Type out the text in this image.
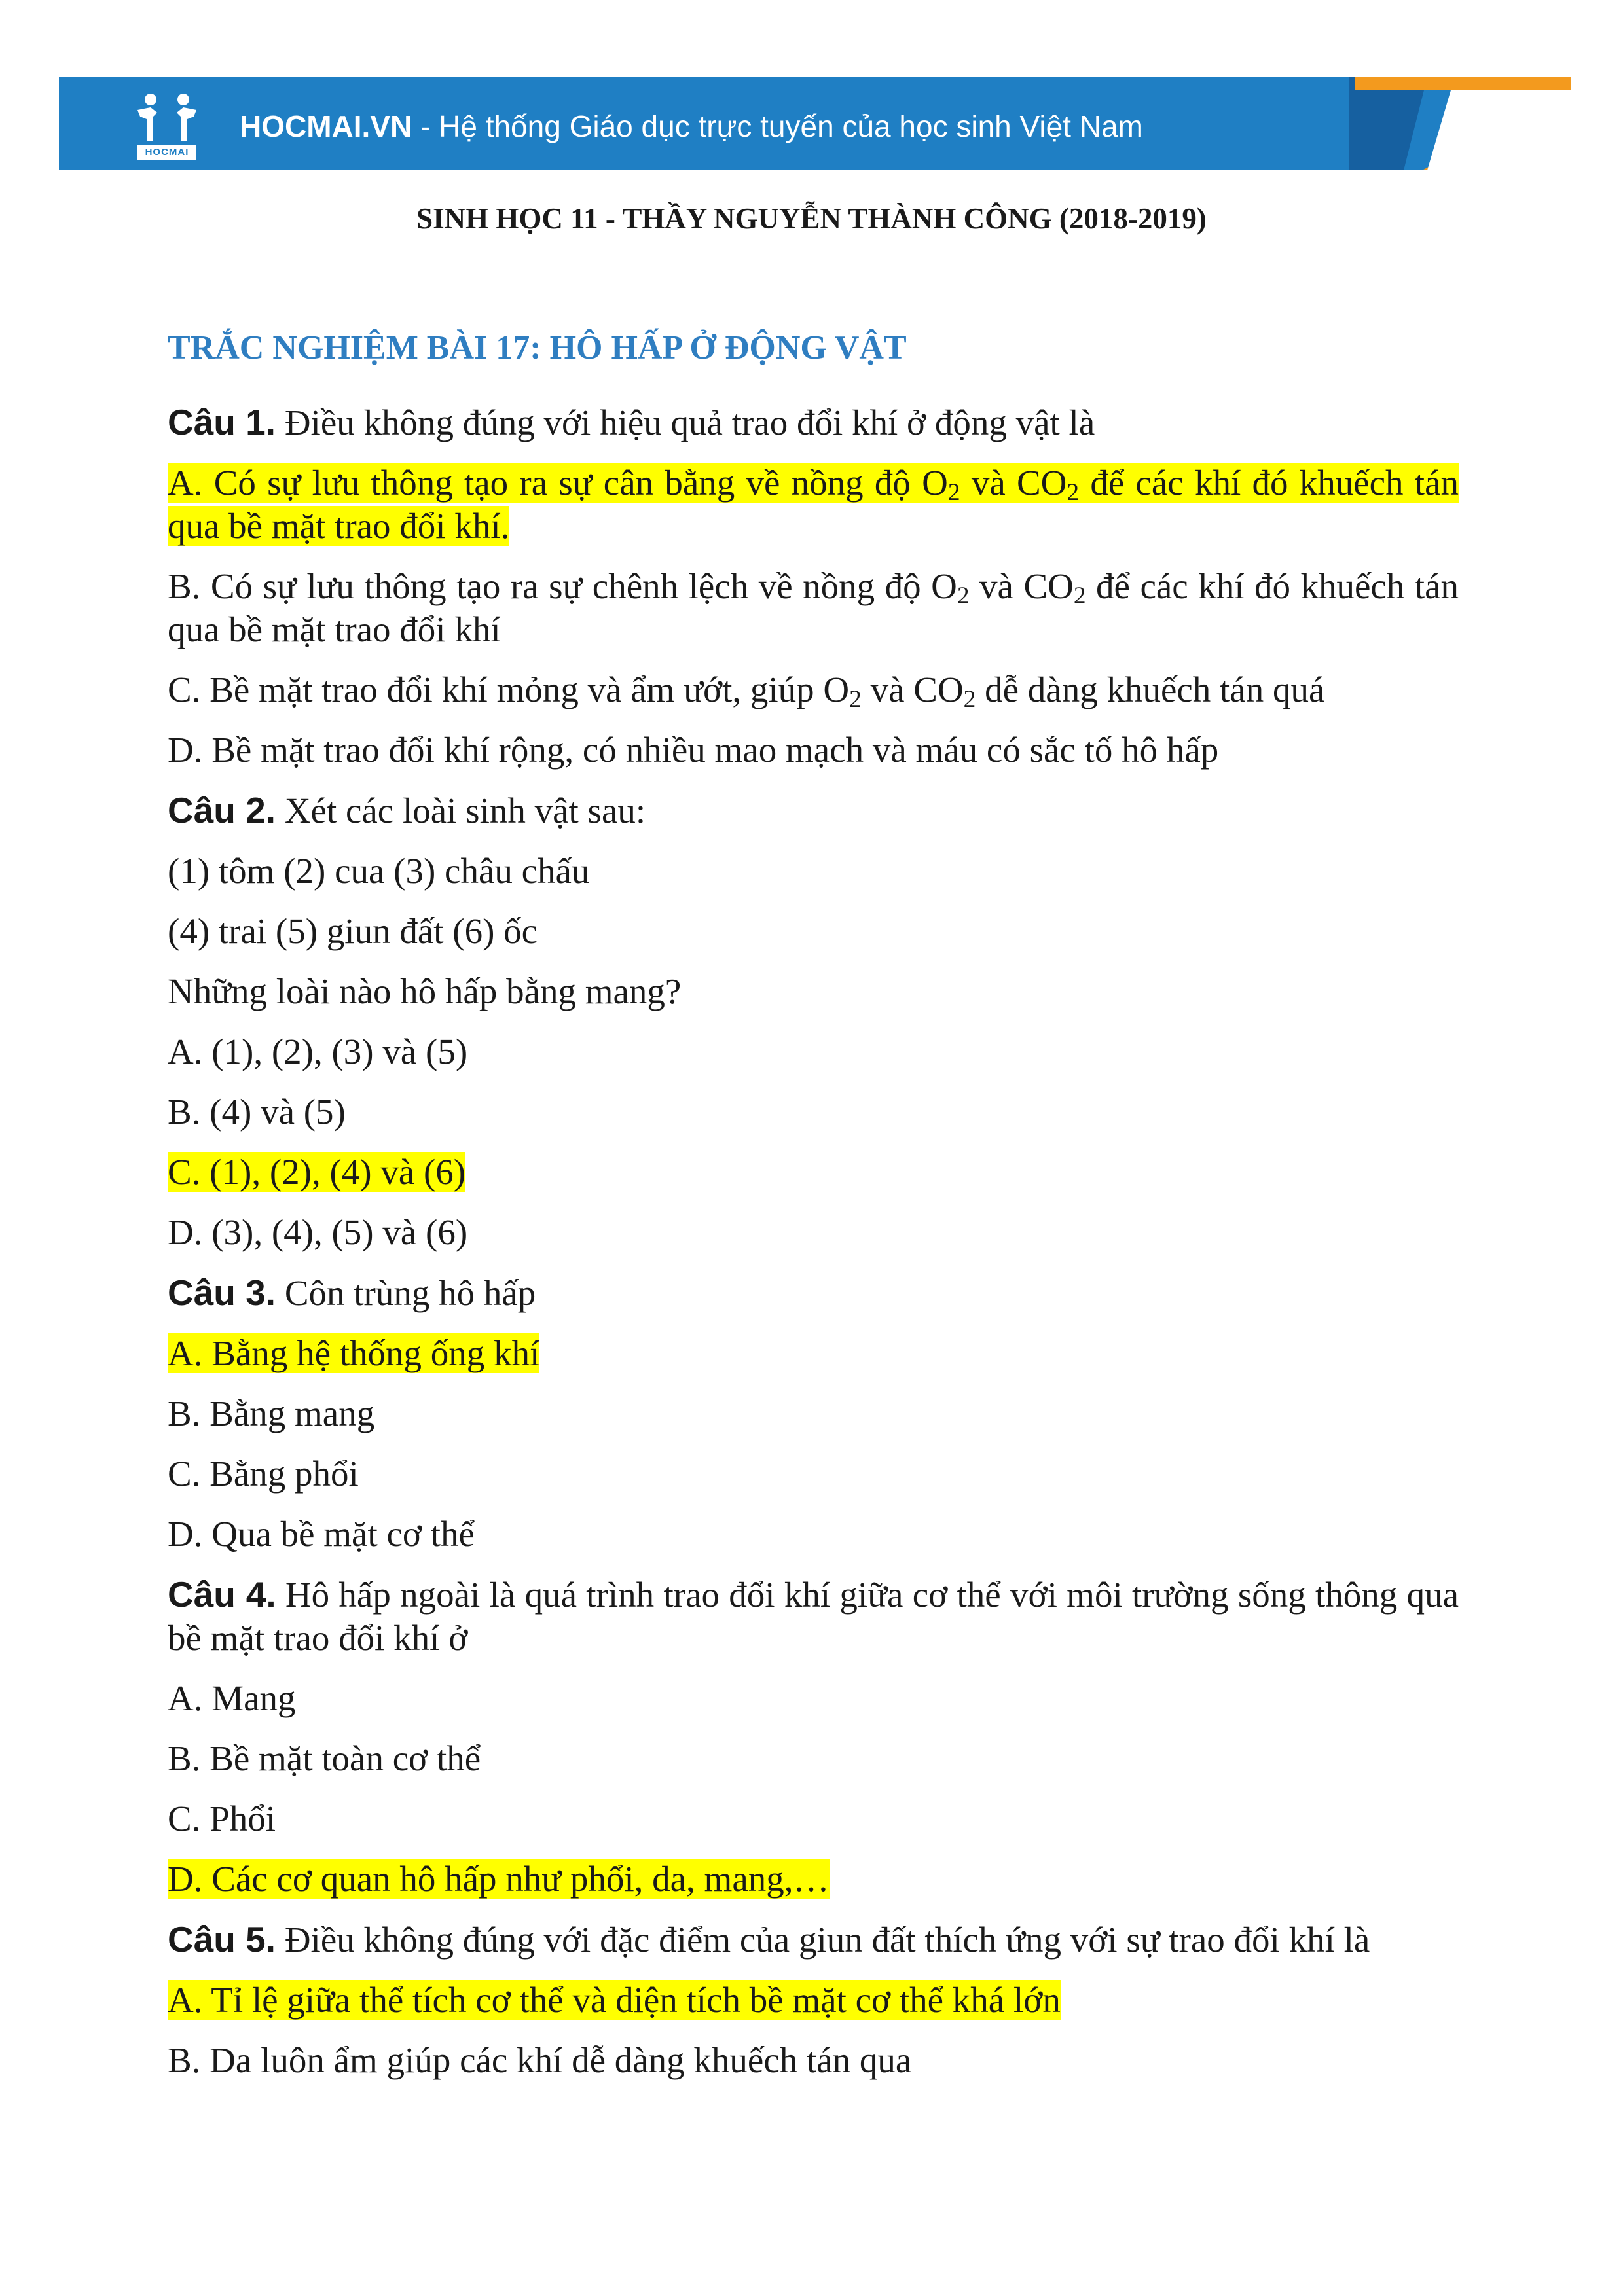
HOCMAI
HOCMAI.VN - Hệ thống Giáo dục trực tuyến của học sinh Việt Nam
SINH HỌC 11 - THẦY NGUYỄN THÀNH CÔNG (2018-2019)
TRẮC NGHIỆM BÀI 17: HÔ HẤP Ở ĐỘNG VẬT

Câu 1. Điều không đúng với hiệu quả trao đổi khí ở động vật là

A. Có sự lưu thông tạo ra sự cân bằng về nồng độ $O_2$ và $CO_2$ để các khí đó khuếch tán qua bề mặt trao đổi khí.

B. Có sự lưu thông tạo ra sự chênh lệch về nồng độ $O_2$ và $CO_2$ để các khí đó khuếch tán qua bề mặt trao đổi khí

C. Bề mặt trao đổi khí mỏng và ẩm ướt, giúp $O_2$ và $CO_2$ dễ dàng khuếch tán quá

D. Bề mặt trao đổi khí rộng, có nhiều mao mạch và máu có sắc tố hô hấp

Câu 2. Xét các loài sinh vật sau:

(1) tôm (2) cua (3) châu chấu

(4) trai (5) giun đất (6) ốc

Những loài nào hô hấp bằng mang?

A. (1), (2), (3) và (5)

B. (4) và (5)

C. (1), (2), (4) và (6)

D. (3), (4), (5) và (6)

Câu 3. Côn trùng hô hấp

A. Bằng hệ thống ống khí

B. Bằng mang

C. Bằng phổi

D. Qua bề mặt cơ thể

Câu 4. Hô hấp ngoài là quá trình trao đổi khí giữa cơ thể với môi trường sống thông qua bề mặt trao đổi khí ở

A. Mang

B. Bề mặt toàn cơ thể

C. Phổi

D. Các cơ quan hô hấp như phổi, da, mang,…

Câu 5. Điều không đúng với đặc điểm của giun đất thích ứng với sự trao đổi khí là

A. Tỉ lệ giữa thể tích cơ thể và diện tích bề mặt cơ thể khá lớn

B. Da luôn ẩm giúp các khí dễ dàng khuếch tán qua
